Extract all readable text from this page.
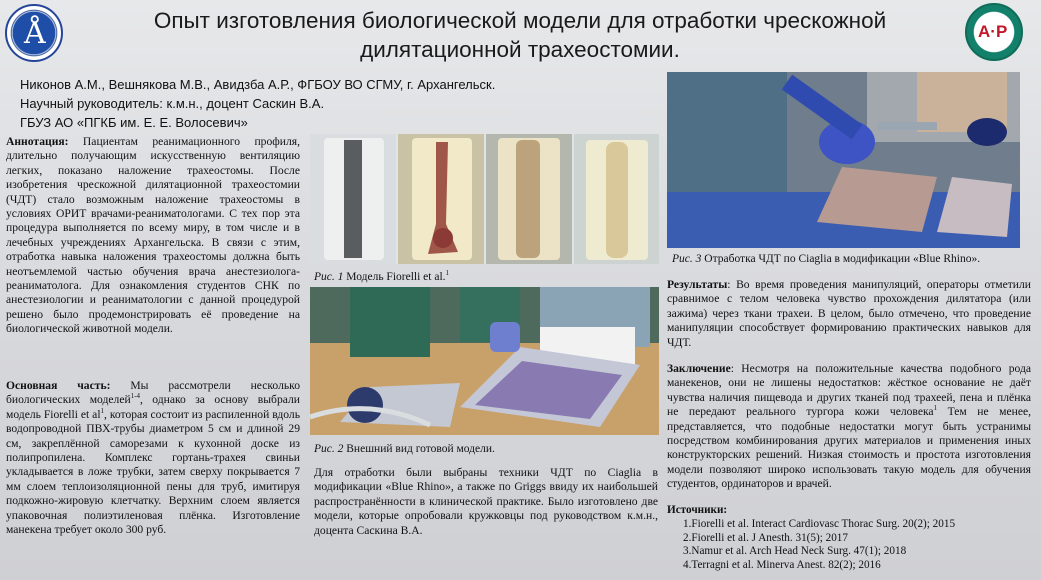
Å	А·Р
Опыт изготовления биологической модели для отработки чрескожной дилятационной трахеостомии.
Никонов А.М., Вешнякова М.В., Авидзба А.Р., ФГБОУ ВО СГМУ, г. Архангельск.
Научный руководитель: к.м.н., доцент Саскин В.А.
ГБУЗ АО «ПГКБ им. Е. Е. Волосевич»

Аннотация: Пациентам реанимационного профиля, длительно получающим искусственную вентиляцию легких, показано наложение трахеостомы. После изобретения чрескожной дилятационной трахеостомии (ЧДТ) стало возможным наложение трахеостомы в условиях ОРИТ врачами-реаниматологами. С тех пор эта процедура выполняется по всему миру, в том числе и в лечебных учреждениях Архангельска. В связи с этим, отработка навыка наложения трахеостомы должна быть неотъемлемой частью обучения врача анестезиолога-реаниматолога. Для ознакомления студентов СНК по анестезиологии и реаниматологии с данной процедурой решено было продемонстрировать её проведение на биологической животной модели.

Основная часть: Мы рассмотрели несколько биологических моделей$^{1-4}$, однако за основу выбрали модель Fiorelli et $al^1$, которая состоит из распиленной вдоль водопроводной ПВХ-трубы диаметром 5 см и длиной 29 см, закреплённой саморезами к кухонной доске из полипропилена. Комплекс гортань-трахея свиньи укладывается в ложе трубки, затем сверху покрывается 7 мм слоем теплоизоляционной пены для труб, имитируя подкожно-жировую клетчатку. Верхним слоем является упаковочная полиэтиленовая плёнка. Изготовление манекена требует около 300 руб.

Рис. 1 Модель Fiorelli et al.$^1$
Рис. 2 Внешний вид готовой модели.

Для отработки были выбраны техники ЧДТ по Ciaglia в модификации «Blue Rhino», а также по Griggs ввиду их наибольшей распространённости в клинической практике. Было изготовлено две модели, которые опробовали кружковцы под руководством к.м.н., доцента Саскина В.А.

Рис. 3 Отработка ЧДТ по Ciaglia в модификации «Blue Rhino».

Результаты: Во время проведения манипуляций, операторы отметили сравнимое с телом человека чувство прохождения дилятатора (или зажима) через ткани трахеи. В целом, было отмечено, что проведение манипуляции способствует формированию практических навыков для ЧДТ.

Заключение: Несмотря на положительные качества подобного рода манекенов, они не лишены недостатков: жёсткое основание не даёт чувства наличия пищевода и других тканей под трахеей, пена и плёнка не передают реального тургора кожи человека$^1$ Тем не менее, представляется, что подобные недостатки могут быть устранимы посредством комбинирования других материалов и применения иных конструкторских решений. Низкая стоимость и простота изготовления модели позволяют широко использовать такую модель для обучения студентов, ординаторов и врачей.

Источники:
1.Fiorelli et al. Interact Cardiovasc Thorac Surg. 20(2); 2015
2.Fiorelli et al. J Anesth. 31(5); 2017
3.Namur et al. Arch Head Neck Surg. 47(1); 2018
4.Terragni et al. Minerva Anest. 82(2); 2016
